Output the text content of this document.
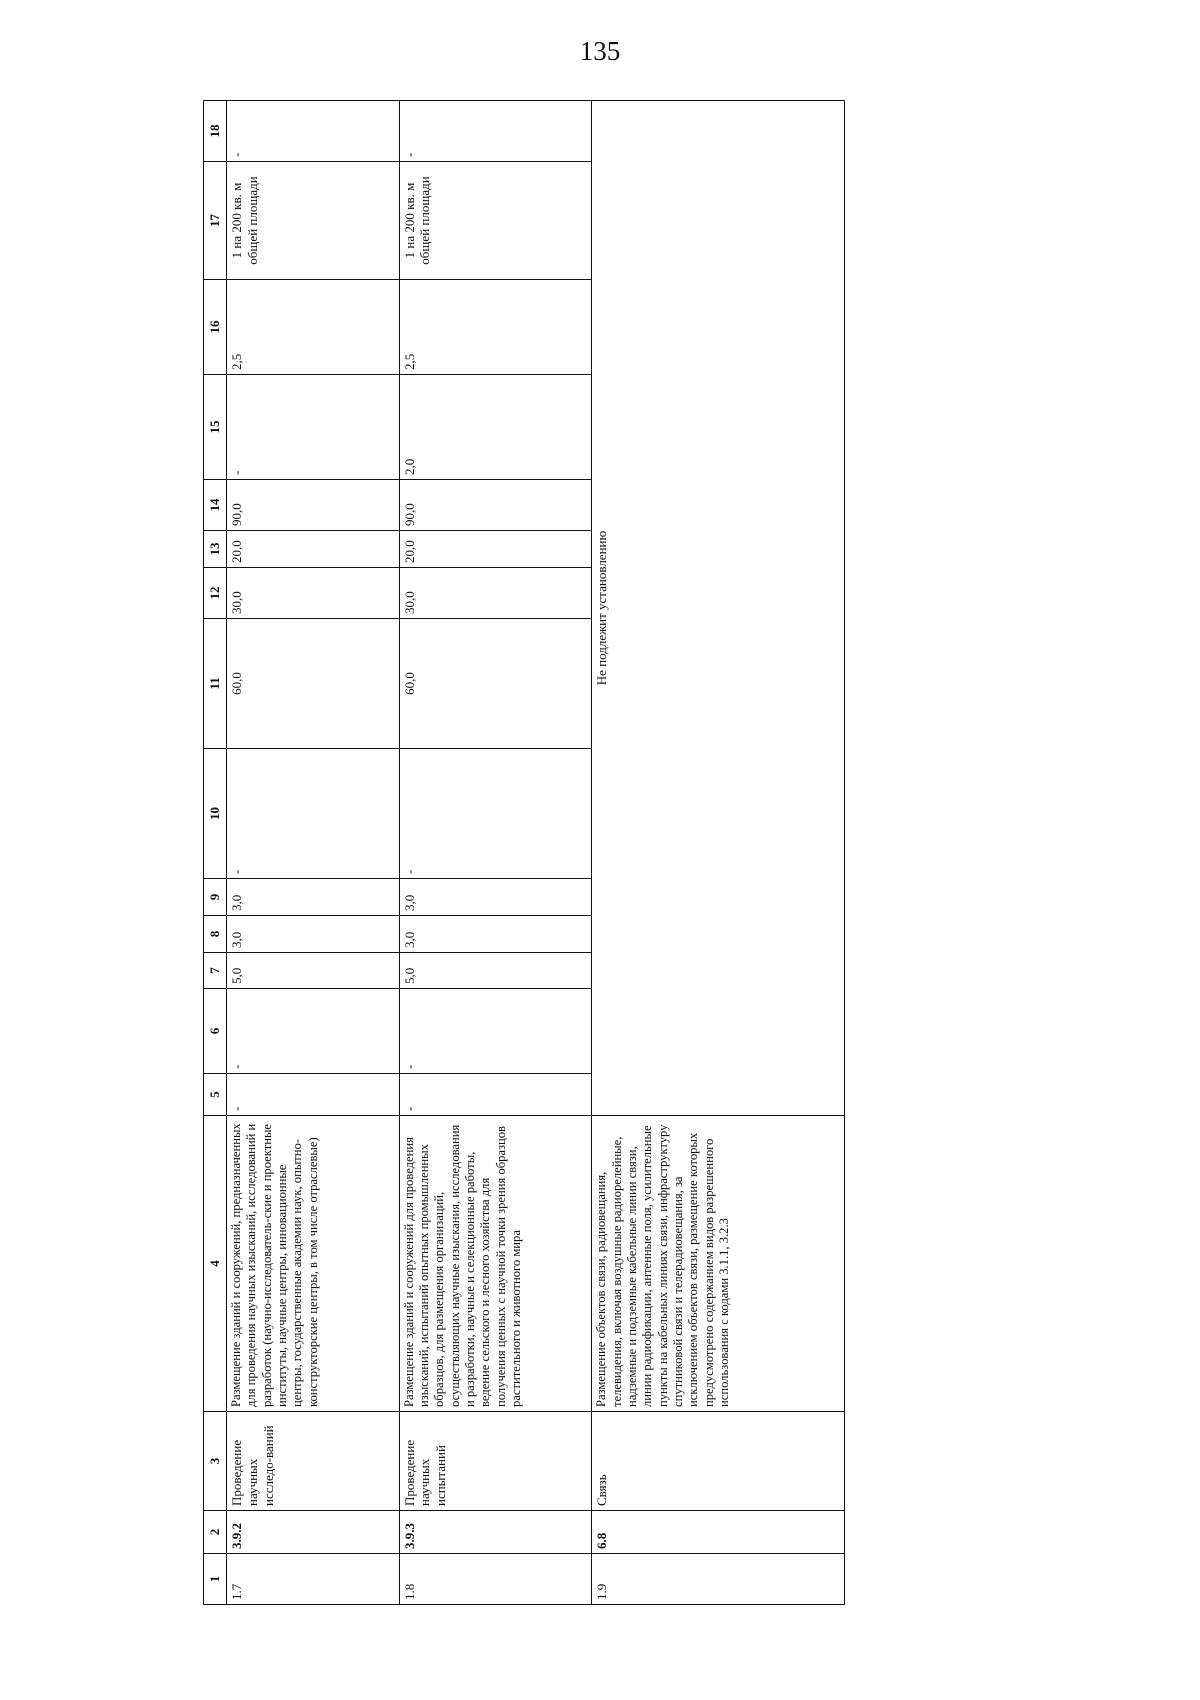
135
1	2	3	4	5	6	7	8	9	10	11	12	13	14	15	16	17	18
1.7	3.9.2	Проведение научных исследо-ваний	Размещение зданий и сооружений, предназначенных для проведения научных изысканий, исследований и разработок (научно-исследователь-ские и проектные институты, научные центры, инновационные центры, государственные академии наук, опытно-конструкторские центры, в том числе отраслевые)	-	-	5,0	3,0	3,0	-	60,0	30,0	20,0	90,0	-	2,5	1 на 200 кв. м общей площади	-
1.8	3.9.3	Проведение научных испытаний	Размещение зданий и сооружений для проведения изысканий, испытаний опытных промышленных образцов, для размещения организаций, осуществляющих научные изыскания, исследования и разработки, научные и селекционные работы, ведение сельского и лесного хозяйства для получения ценных с научной точки зрения образцов растительного и животного мира	-	-	5,0	3,0	3,0	-	60,0	30,0	20,0	90,0	2,0	2,5	1 на 200 кв. м общей площади	-
1.9	6.8	Связь	Размещение объектов связи, радиовещания, телевидения, включая воздушные радиорелейные, надземные и подземные кабельные линии связи, линии радиофикации, антенные поля, усилительные пункты на кабельных линиях связи, инфраструктуру спутниковой связи и телерадиовещания, за исключением объектов связи, размещение которых предусмотрено содержанием видов разрешенного использования с кодами 3.1.1, 3.2.3	Не подлежит установлению													
